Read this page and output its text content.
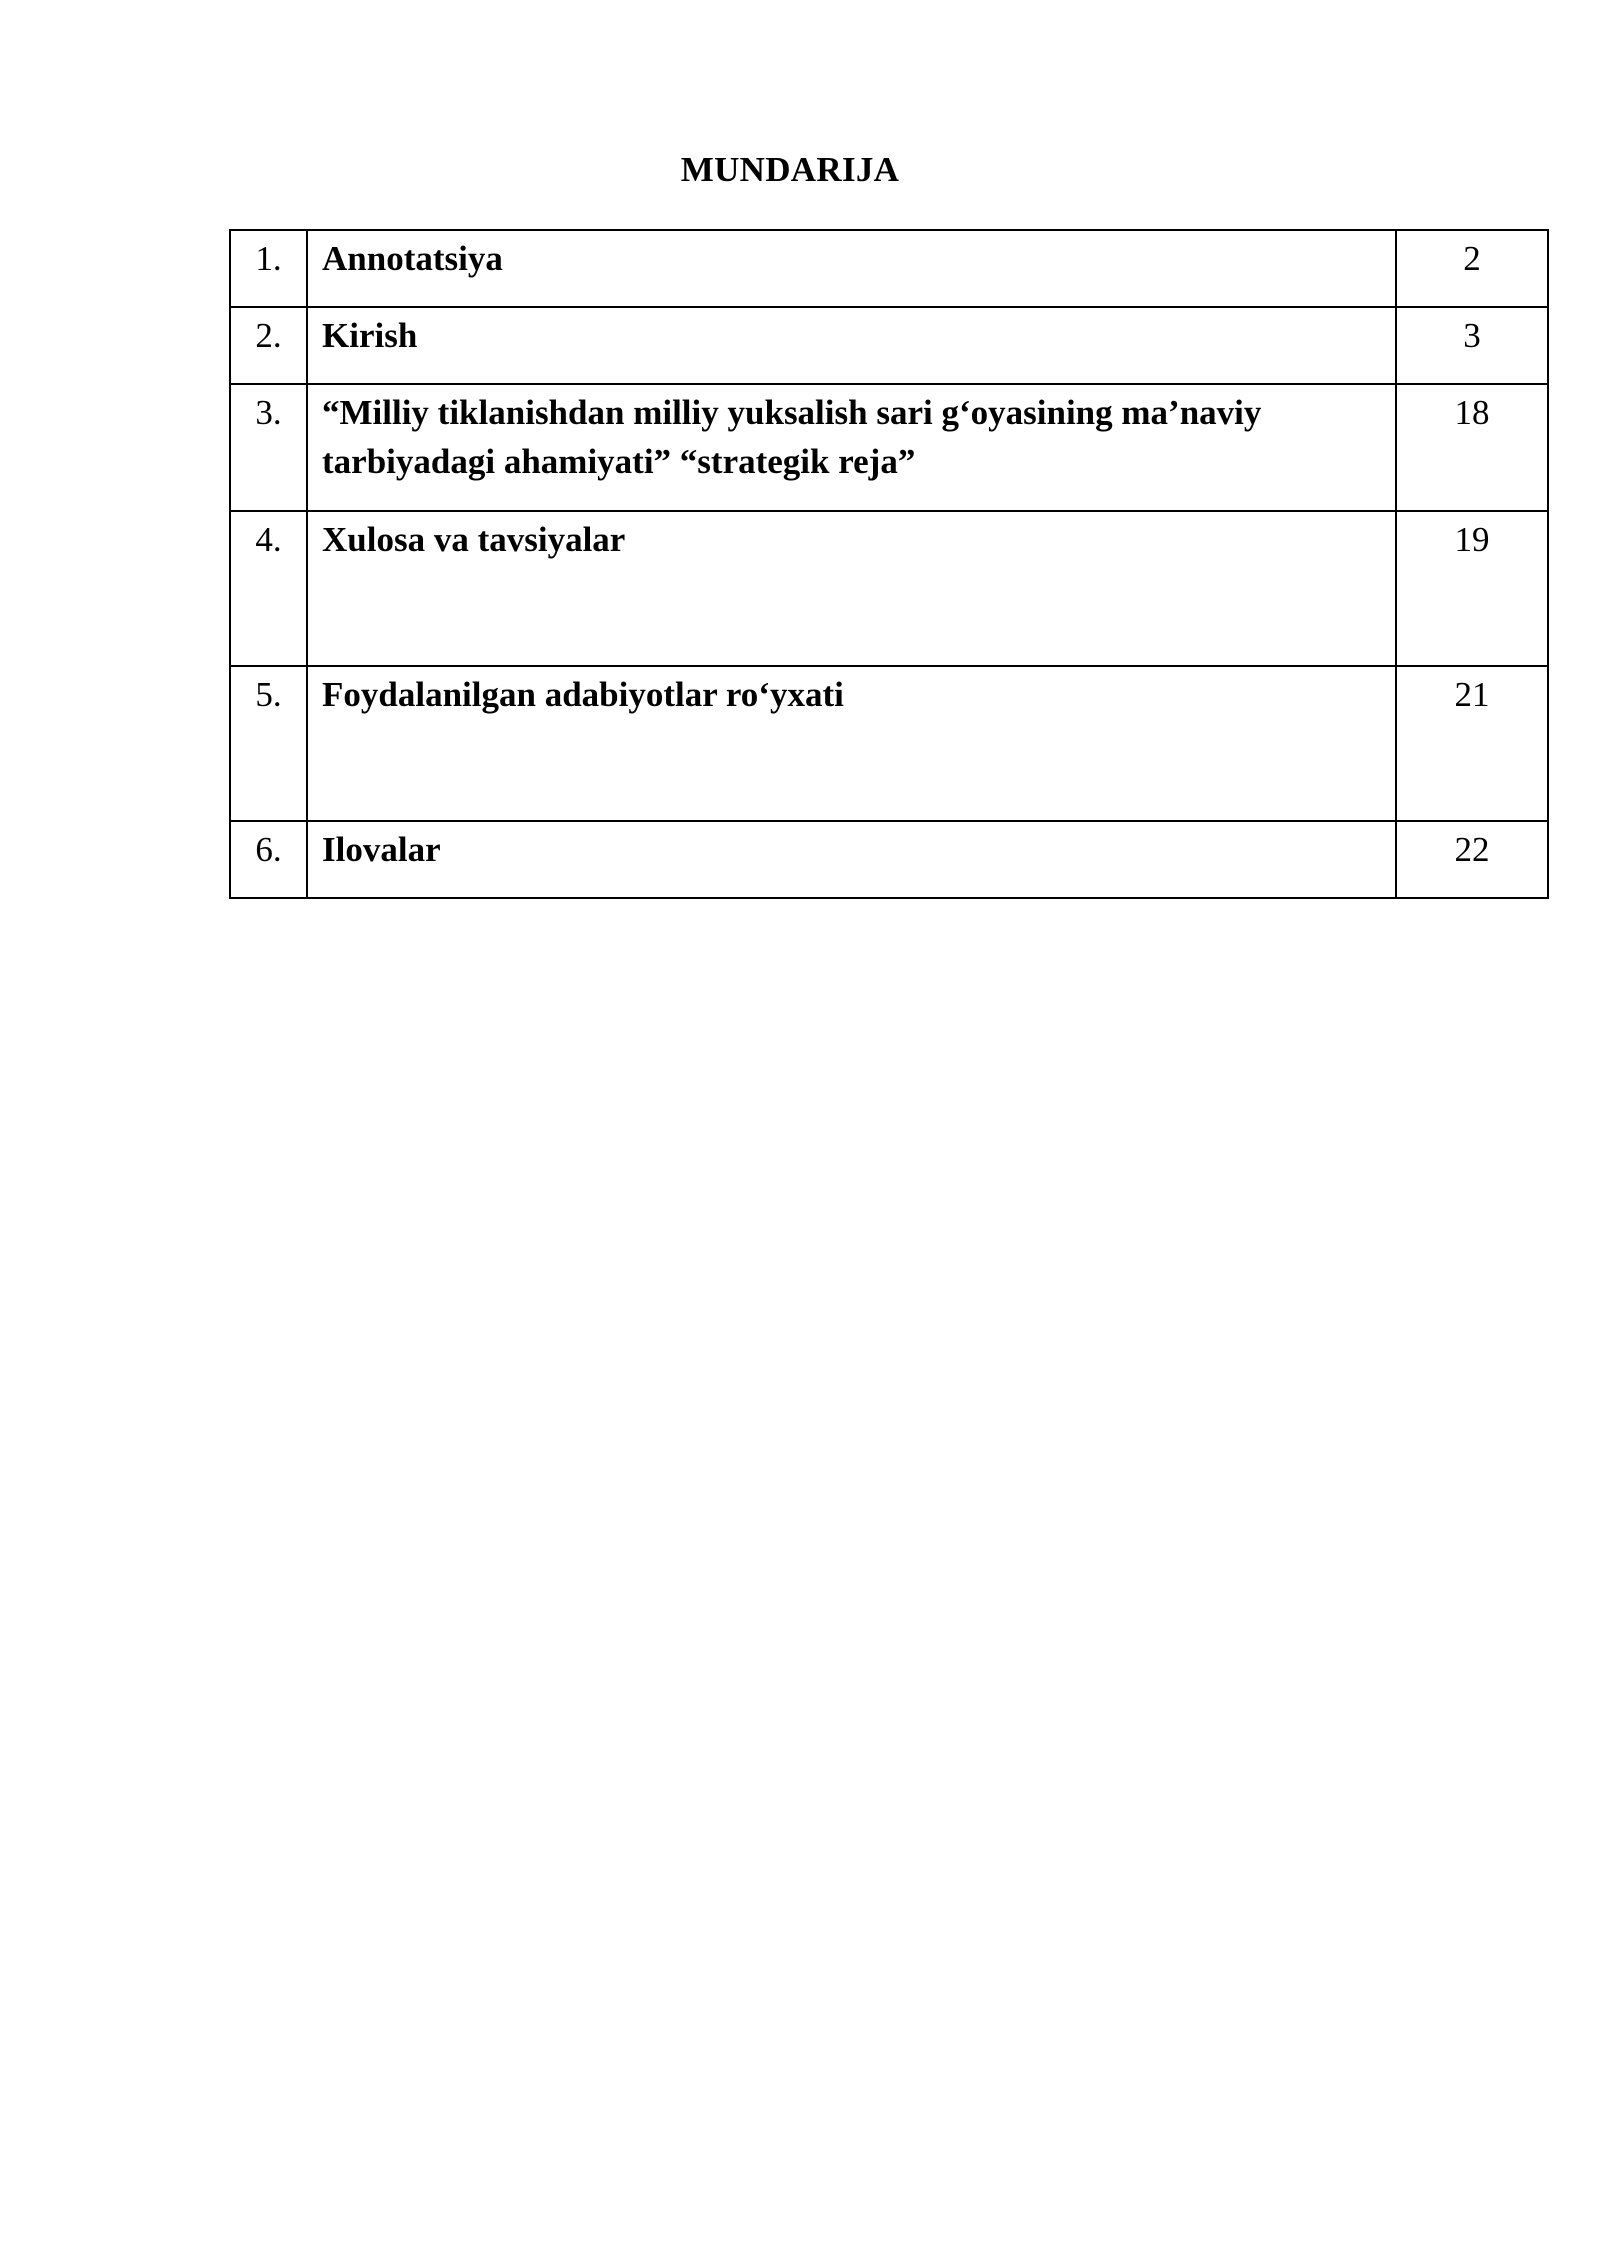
MUNDARIJA
1.	Annotatsiya	2
2.	Kirish	3
3.	“Milliy tiklanishdan milliy yuksalish sari g‘oyasining ma’naviy tarbiyadagi ahamiyati” “strategik reja”	18
4.	Xulosa va tavsiyalar	19
5.	Foydalanilgan adabiyotlar ro‘yxati	21
6.	Ilovalar	22
